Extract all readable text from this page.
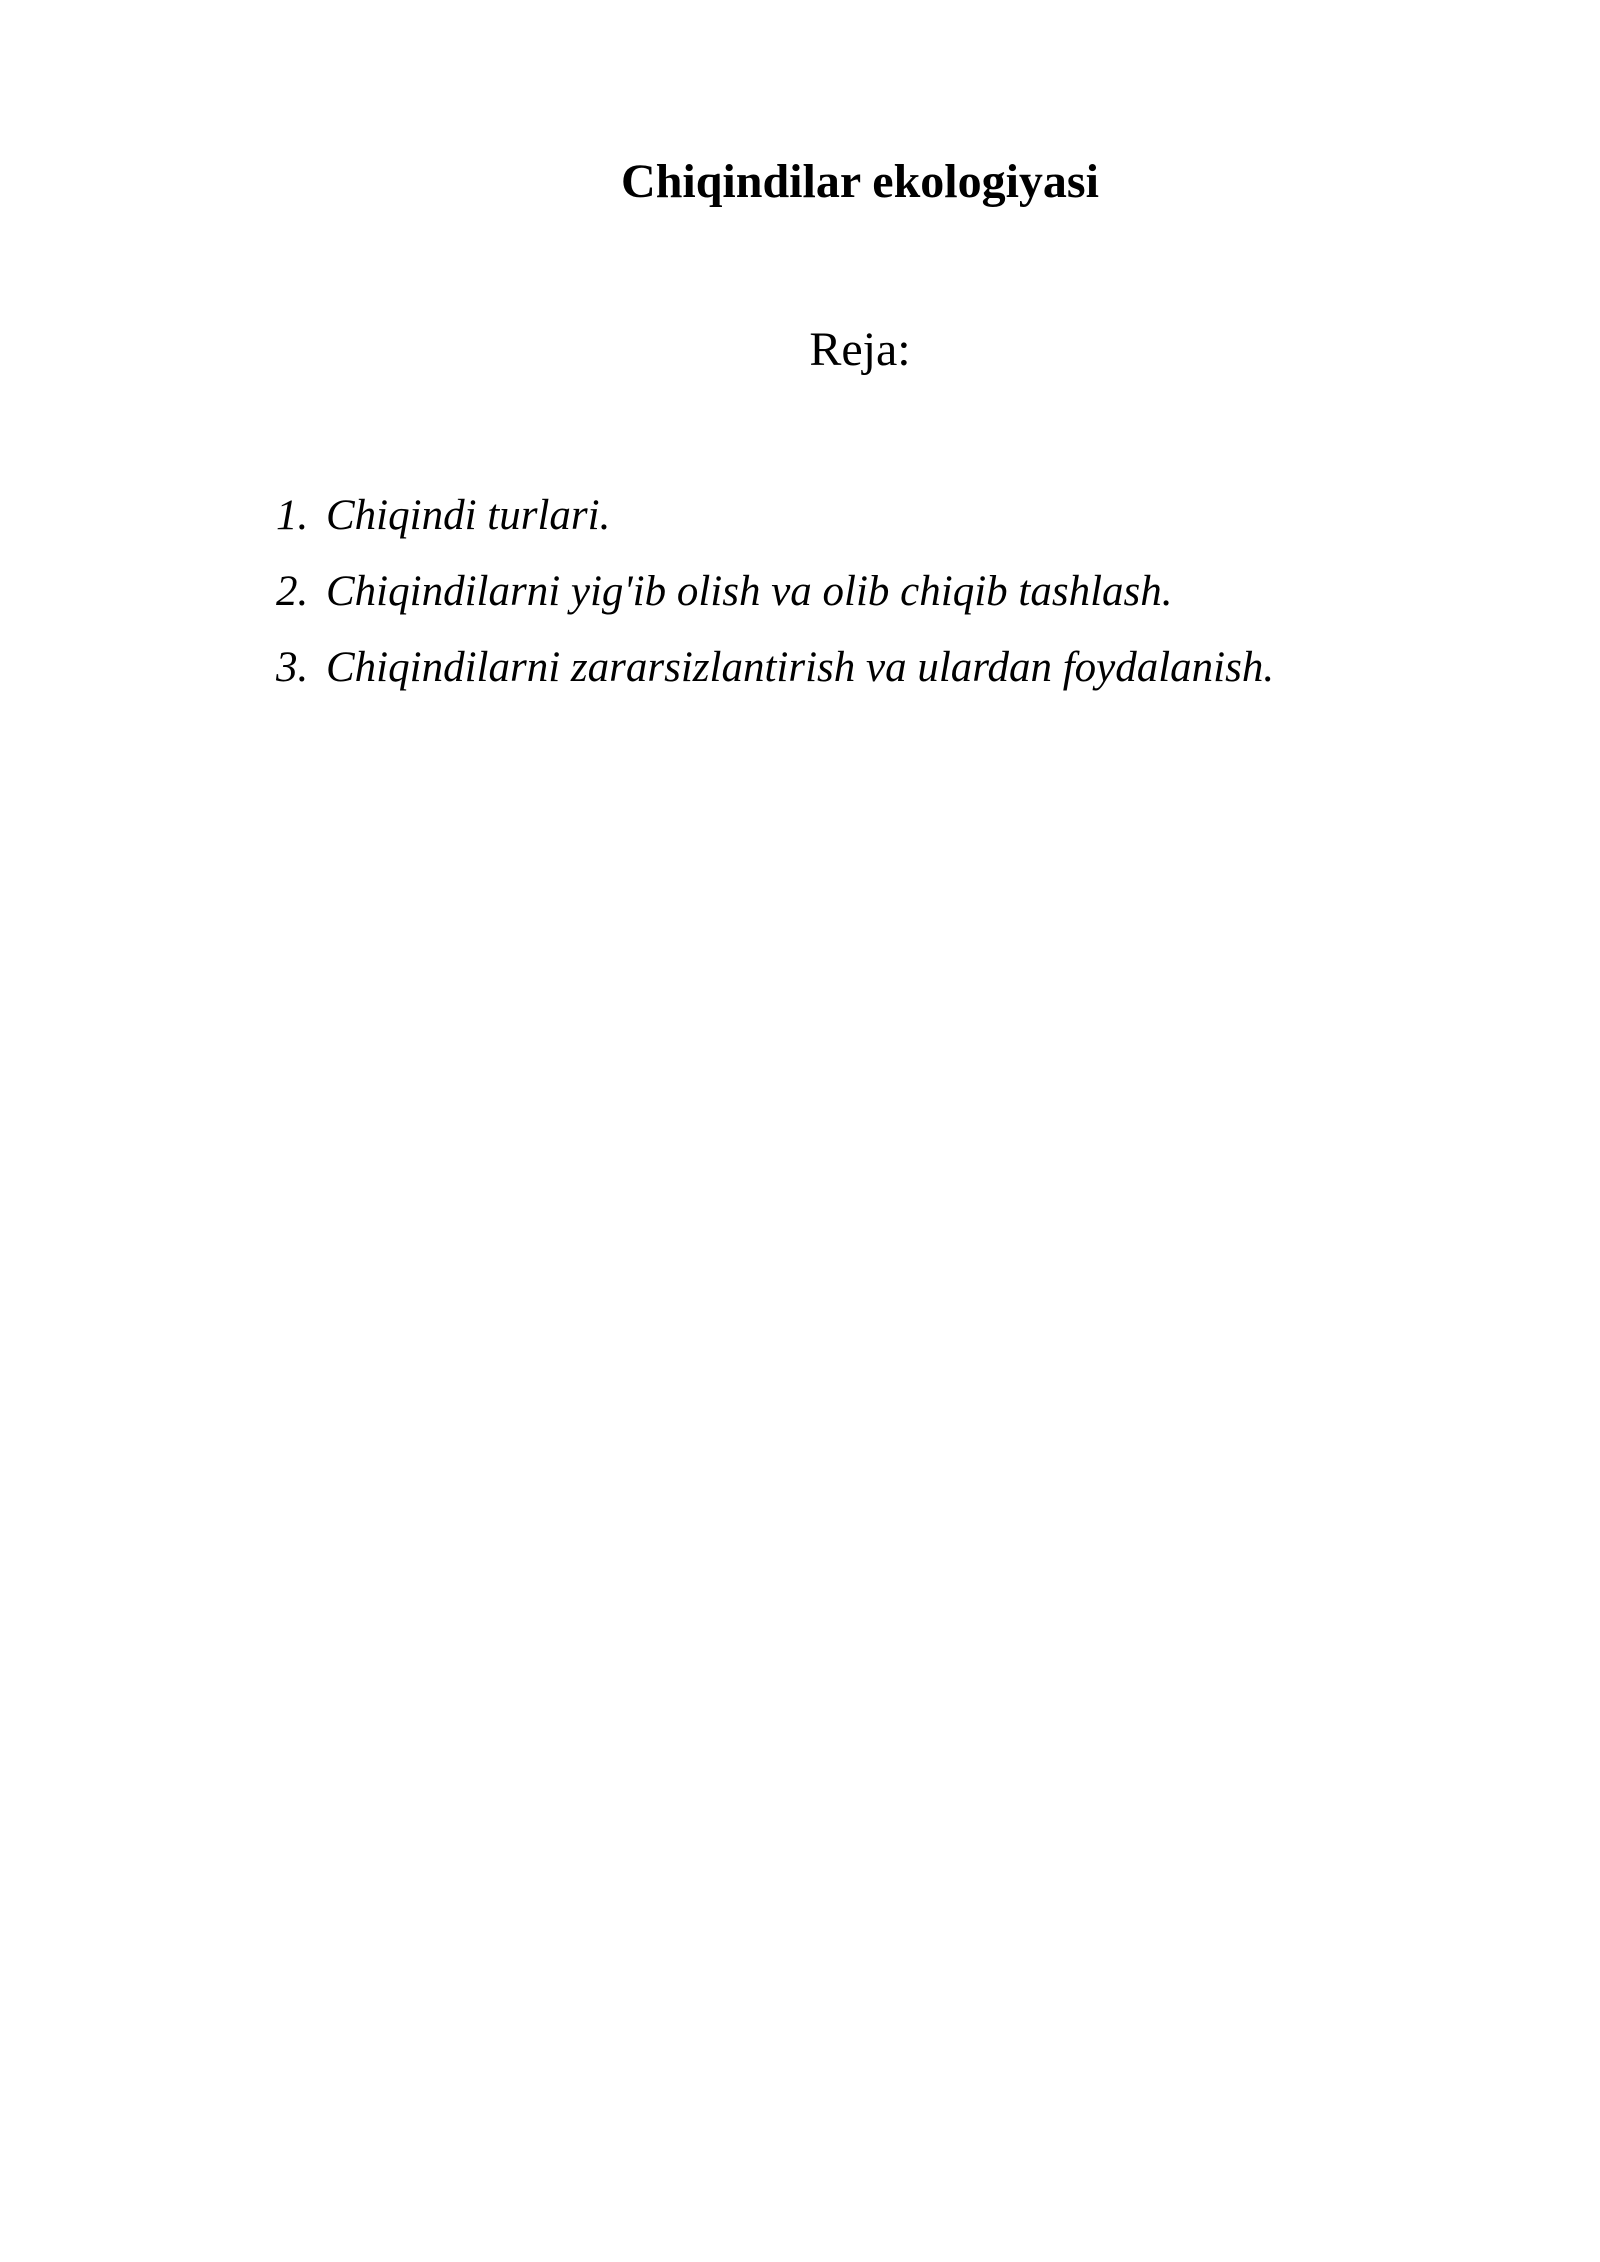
Chiqindilar ekologiyasi
Reja:
1. Chiqindi turlari.
2. Chiqindilarni yig'ib olish va olib chiqib tashlash.
3. Chiqindilarni zararsizlantirish va ulardan foydalanish.
